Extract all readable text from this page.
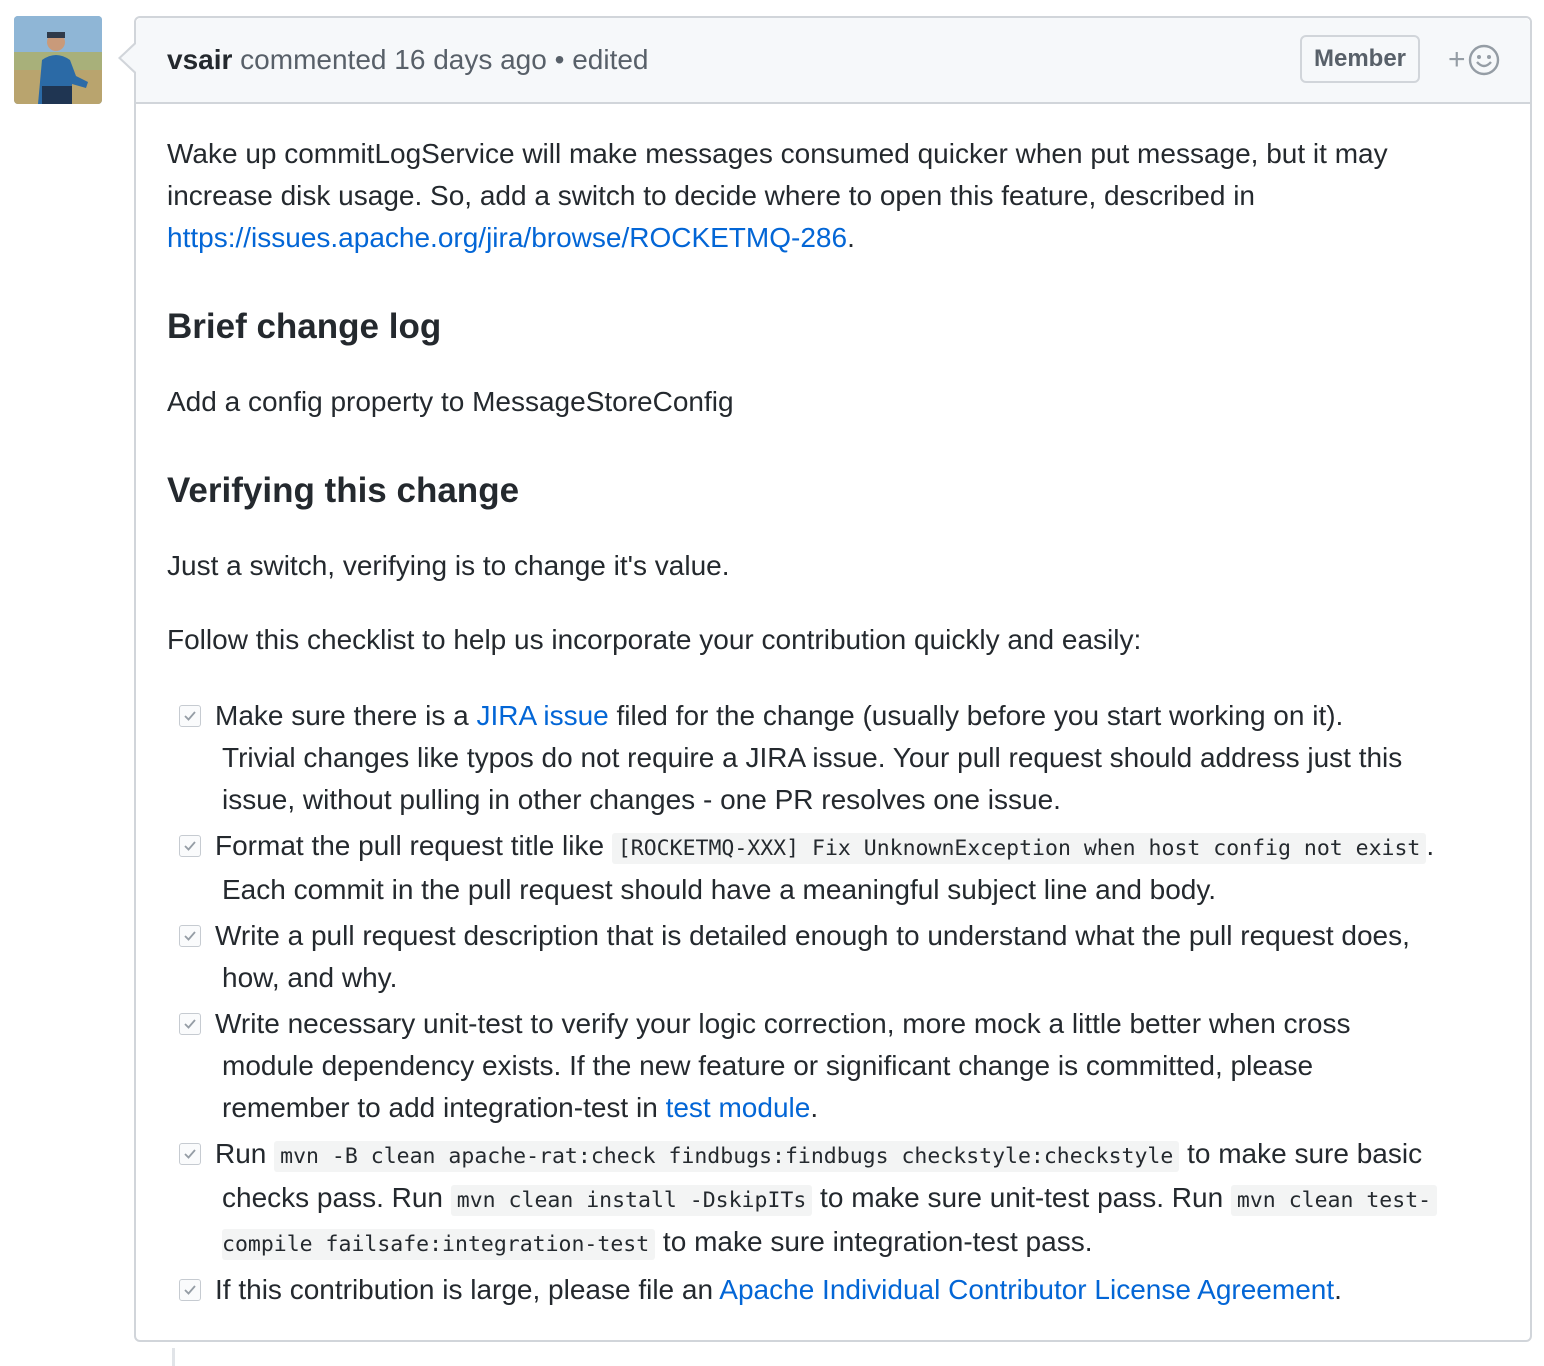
vsair commented 16 days ago • edited	Member	+
Wake up commitLogService will make messages consumed quicker when put message, but it may
increase disk usage. So, add a switch to decide where to open this feature, described in
https://issues.apache.org/jira/browse/ROCKETMQ-286.
Brief change log
Add a config property to MessageStoreConfig
Verifying this change
Just a switch, verifying is to change it's value.
Follow this checklist to help us incorporate your contribution quickly and easily:
Make sure there is a JIRA issue filed for the change (usually before you start working on it).
Trivial changes like typos do not require a JIRA issue. Your pull request should address just this
issue, without pulling in other changes - one PR resolves one issue.
Format the pull request title like [ROCKETMQ-XXX] Fix UnknownException when host config not exist .
Each commit in the pull request should have a meaningful subject line and body.
Write a pull request description that is detailed enough to understand what the pull request does,
how, and why.
Write necessary unit-test to verify your logic correction, more mock a little better when cross
module dependency exists. If the new feature or significant change is committed, please
remember to add integration-test in test module.
Run mvn -B clean apache-rat:check findbugs:findbugs checkstyle:checkstyle to make sure basic
checks pass. Run mvn clean install -DskipITs to make sure unit-test pass. Run mvn clean test-
compile failsafe:integration-test to make sure integration-test pass.
If this contribution is large, please file an Apache Individual Contributor License Agreement.
